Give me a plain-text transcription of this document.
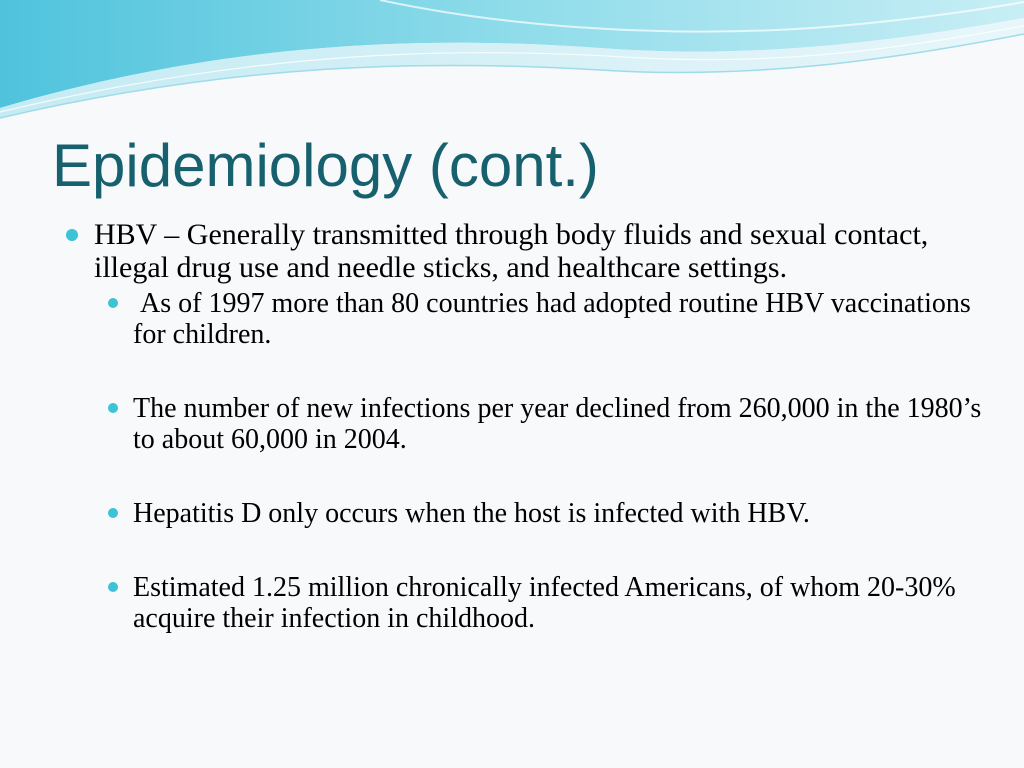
Epidemiology (cont.)
HBV – Generally transmitted through body fluids and sexual contact, illegal drug use and needle sticks, and healthcare settings.
As of 1997 more than 80 countries had adopted routine HBV vaccinations for children.
The number of new infections per year declined from 260,000 in the 1980’s to about 60,000 in 2004.
Hepatitis D only occurs when the host is infected with HBV.
Estimated 1.25 million chronically infected Americans, of whom 20-30% acquire their infection in childhood.
